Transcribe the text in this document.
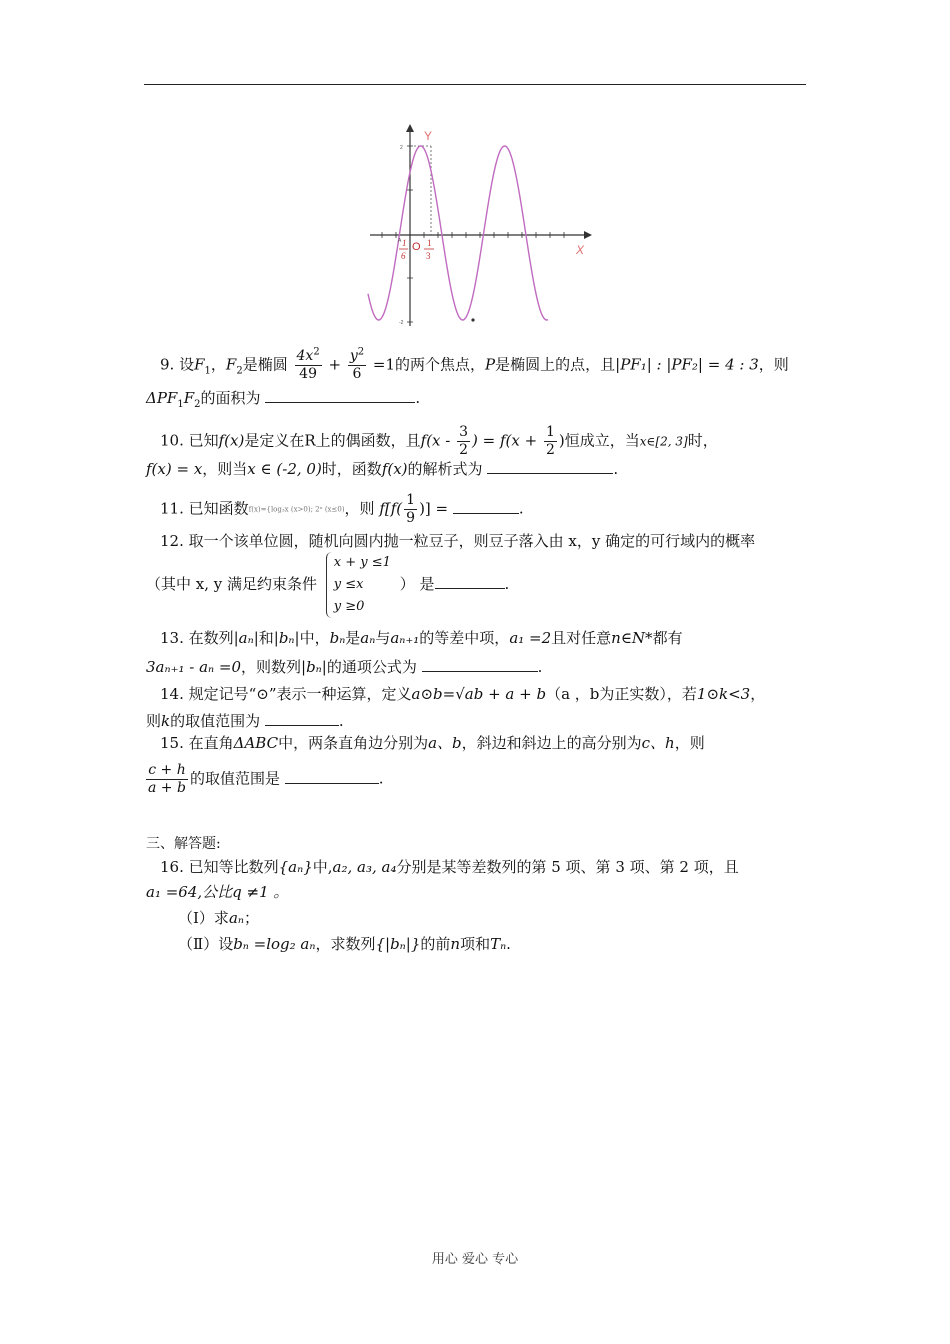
Y
X
O
1
6
1
3
2
-2
A
9. 设$F_1$，$F_2$是椭圆 $\frac{4x^2}{49} + \frac{y^2}{6} =1$的两个焦点，P是椭圆上的点，且|PF₁| : |PF₂| = 4 : 3，则
$\Delta PF_1F_2$的面积为	.
10. 已知f(x)是定义在R上的偶函数，且$f(x - \frac{3}{2}$ ) = $f(x + \frac{1}{2}$ )恒成立，当x∈[2, 3]时，
f(x) = x，则当x ∈ (-2, 0)时，函数f(x)的解析式为	.
11. 已知函数f(x)={log₃x (x>0); 2ˣ (x≤0)，则 $f[f( \frac{1}{9}$ )] =	.
12. 取一个该单位圆，随机向圆内抛一粒豆子，则豆子落入由 x，y 确定的可行域内的概率
（其中 x, y 满足约束条件
x + y ≤1
y ≤x
y ≥0
） 是	.
13. 在数列|aₙ|和|bₙ|中，bₙ是aₙ与aₙ₊₁的等差中项，a₁ =2且对任意n∈N*都有
3aₙ₊₁ - aₙ =0，则数列|bₙ|的通项公式为	.
14. 规定记号“⊙”表示一种运算，定义a⊙b=√ab + a + b（a ，b为正实数），若1⊙k<3，
则k的取值范围为	.
15. 在直角ΔABC中，两条直角边分别为a、b，斜边和斜边上的高分别为c、h，则
$\frac{c + h}{a + b}$ 的取值范围是	.
三、解答题:
16. 已知等比数列{aₙ}中,a₂, a₃, a₄分别是某等差数列的第 5 项、第 3 项、第 2 项，且
a₁ =64,公比q ≠1 。
（Ⅰ）求aₙ；
（Ⅱ）设bₙ =log₂ aₙ，求数列{|bₙ|}的前n项和Tₙ.
用心 爱心 专心
